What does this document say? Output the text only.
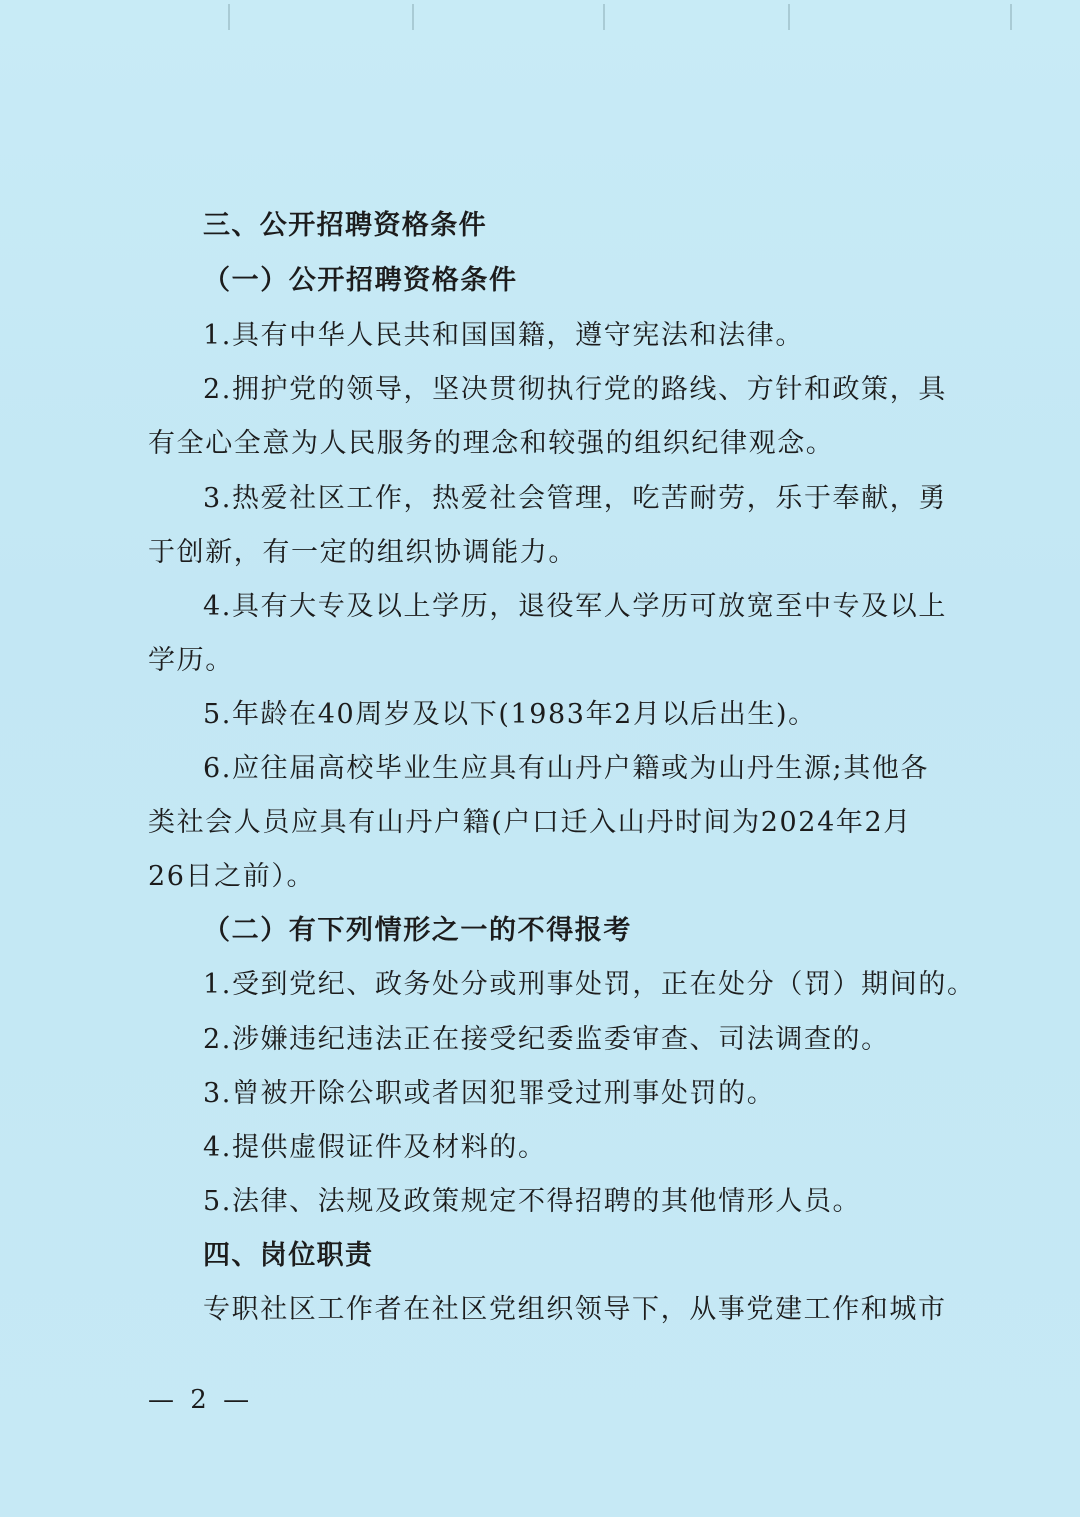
三、公开招聘资格条件
（一）公开招聘资格条件
1.具有中华人民共和国国籍，遵守宪法和法律。
2.拥护党的领导，坚决贯彻执行党的路线、方针和政策，具
有全心全意为人民服务的理念和较强的组织纪律观念。
3.热爱社区工作，热爱社会管理，吃苦耐劳，乐于奉献，勇
于创新，有一定的组织协调能力。
4.具有大专及以上学历，退役军人学历可放宽至中专及以上
学历。
5.年龄在40周岁及以下(1983年2月以后出生)。
6.应往届高校毕业生应具有山丹户籍或为山丹生源;其他各
类社会人员应具有山丹户籍(户口迁入山丹时间为2024年2月
26日之前）。
（二）有下列情形之一的不得报考
1.受到党纪、政务处分或刑事处罚，正在处分（罚）期间的。
2.涉嫌违纪违法正在接受纪委监委审查、司法调查的。
3.曾被开除公职或者因犯罪受过刑事处罚的。
4.提供虚假证件及材料的。
5.法律、法规及政策规定不得招聘的其他情形人员。
四、岗位职责
专职社区工作者在社区党组织领导下，从事党建工作和城市
— 2 —
